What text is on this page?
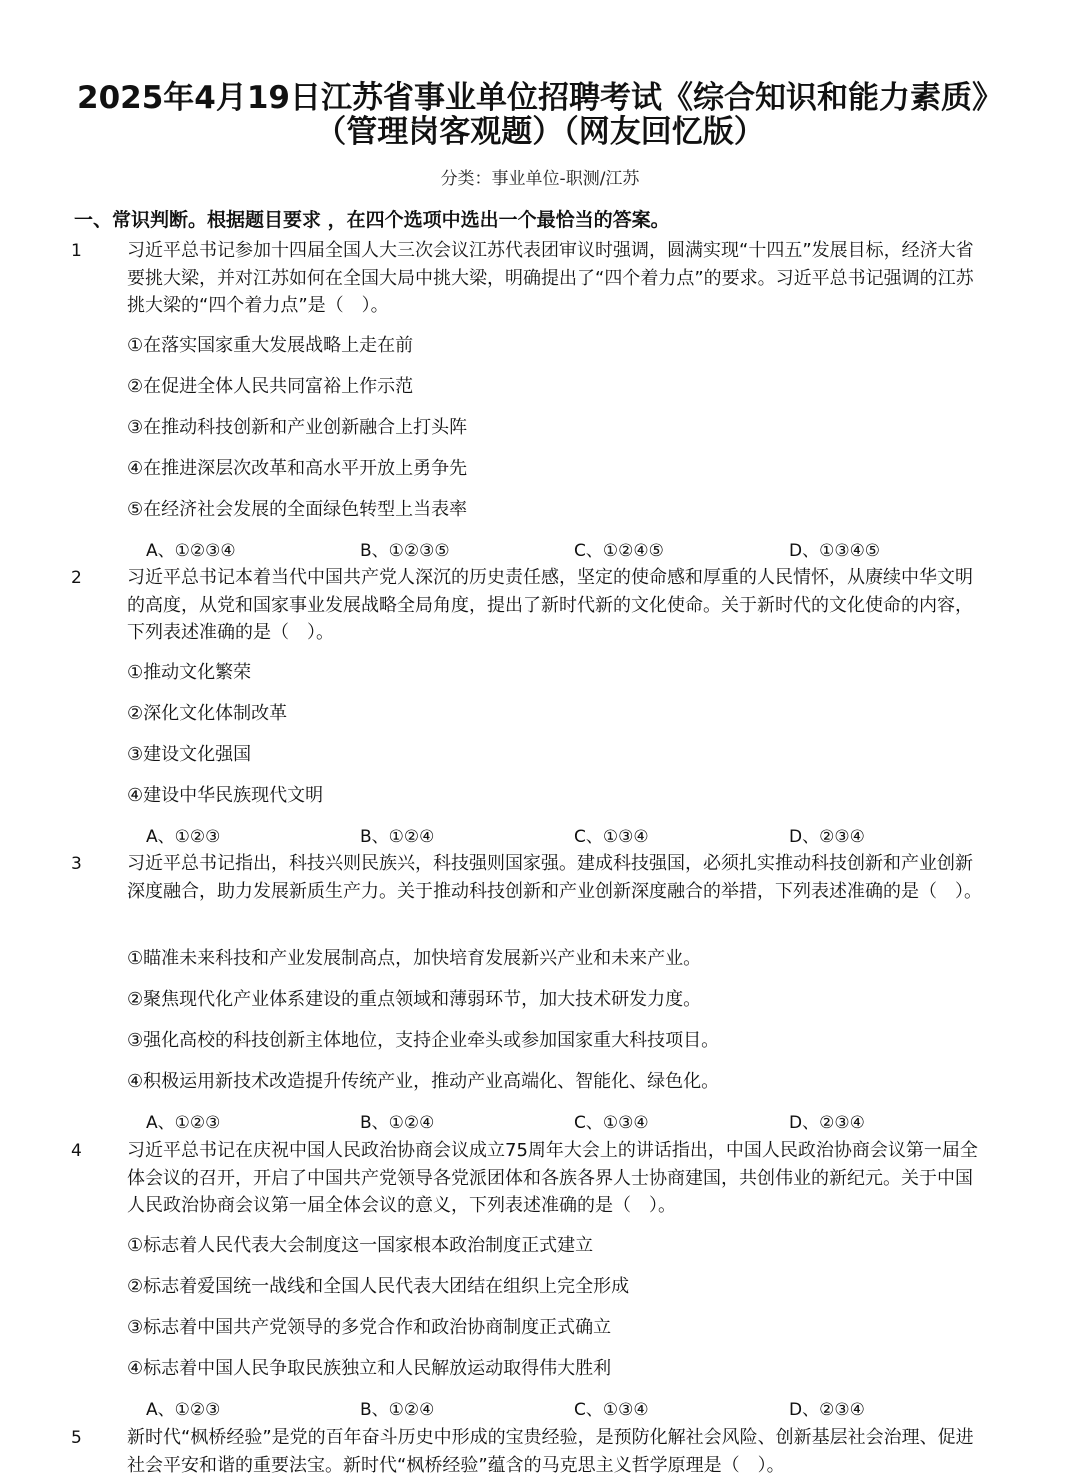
2025年4月19日江苏省事业单位招聘考试《综合知识和能力素质》
（管理岗客观题）（网友回忆版）
分类：事业单位-职测/江苏
一、常识判断。根据题目要求 ，在四个选项中选出一个最恰当的答案。
1	习近平总书记参加十四届全国人大三次会议江苏代表团审议时强调，圆满实现“十四五”发展目标，经济大省要挑大梁，并对江苏如何在全国大局中挑大梁，明确提出了“四个着力点”的要求。习近平总书记强调的江苏挑大梁的“四个着力点”是（　）。
①在落实国家重大发展战略上走在前
②在促进全体人民共同富裕上作示范
③在推动科技创新和产业创新融合上打头阵
④在推进深层次改革和高水平开放上勇争先
⑤在经济社会发展的全面绿色转型上当表率
A、①②③④	B、①②③⑤	C、①②④⑤	D、①③④⑤
2	习近平总书记本着当代中国共产党人深沉的历史责任感，坚定的使命感和厚重的人民情怀，从赓续中华文明的高度，从党和国家事业发展战略全局角度，提出了新时代新的文化使命。关于新时代的文化使命的内容，下列表述准确的是（　）。
①推动文化繁荣
②深化文化体制改革
③建设文化强国
④建设中华民族现代文明
A、①②③	B、①②④	C、①③④	D、②③④
3	习近平总书记指出，科技兴则民族兴，科技强则国家强。建成科技强国，必须扎实推动科技创新和产业创新深度融合，助力发展新质生产力。关于推动科技创新和产业创新深度融合的举措，下列表述准确的是（　）。
①瞄准未来科技和产业发展制高点，加快培育发展新兴产业和未来产业。
②聚焦现代化产业体系建设的重点领域和薄弱环节，加大技术研发力度。
③强化高校的科技创新主体地位，支持企业牵头或参加国家重大科技项目。
④积极运用新技术改造提升传统产业，推动产业高端化、智能化、绿色化。
A、①②③	B、①②④	C、①③④	D、②③④
4	习近平总书记在庆祝中国人民政治协商会议成立75周年大会上的讲话指出，中国人民政治协商会议第一届全体会议的召开，开启了中国共产党领导各党派团体和各族各界人士协商建国，共创伟业的新纪元。关于中国人民政治协商会议第一届全体会议的意义，下列表述准确的是（　）。
①标志着人民代表大会制度这一国家根本政治制度正式建立
②标志着爱国统一战线和全国人民代表大团结在组织上完全形成
③标志着中国共产党领导的多党合作和政治协商制度正式确立
④标志着中国人民争取民族独立和人民解放运动取得伟大胜利
A、①②③	B、①②④	C、①③④	D、②③④
5	新时代“枫桥经验”是党的百年奋斗历史中形成的宝贵经验，是预防化解社会风险、创新基层社会治理、促进社会平安和谐的重要法宝。新时代“枫桥经验”蕴含的马克思主义哲学原理是（　）。
